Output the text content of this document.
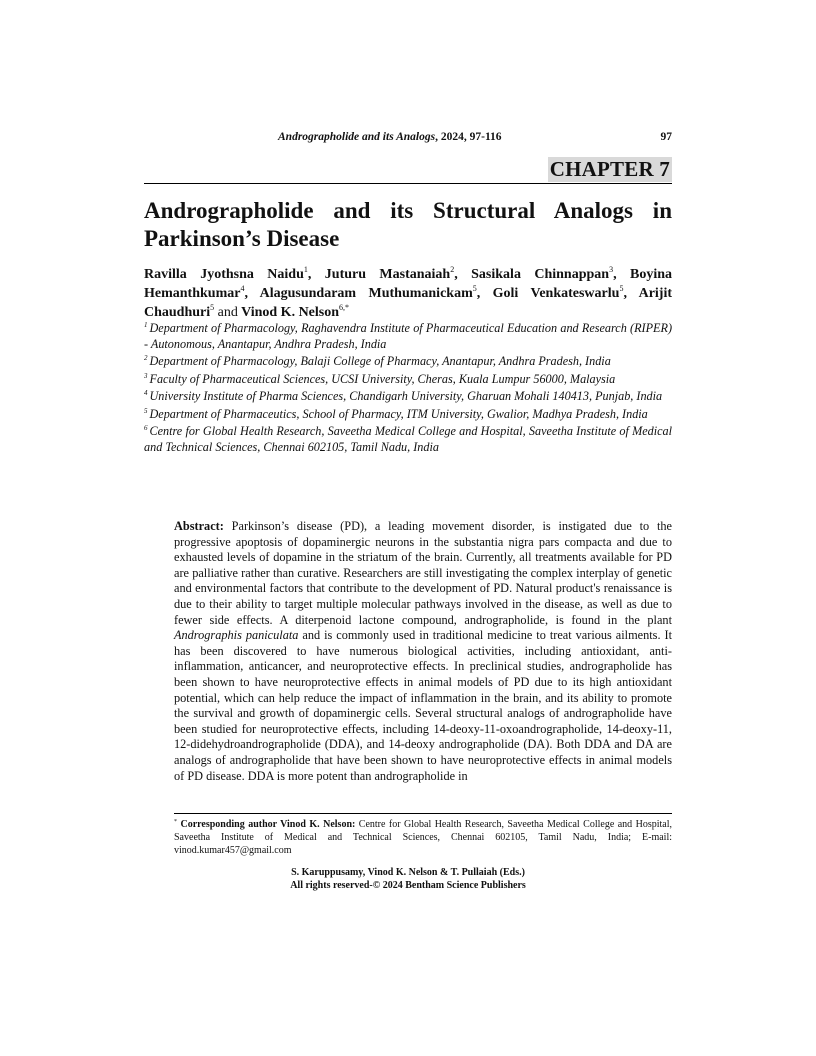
Andrographolide and its Analogs, 2024, 97-116	97
CHAPTER 7
Andrographolide and its Structural Analogs in Parkinson’s Disease

Ravilla Jyothsna Naidu$^1$, Juturu Mastanaiah$^2$, Sasikala Chinnappan$^3$, Boyina Hemanthkumar$^4$, Alagusundaram Muthumanickam$^5$, Goli Venkateswarlu$^5$, Arijit Chaudhuri$^5$ and Vinod K. Nelson$^{6,*}$

$^1$ Department of Pharmacology, Raghavendra Institute of Pharmaceutical Education and Research (RIPER) - Autonomous, Anantapur, Andhra Pradesh, India

$^2$ Department of Pharmacology, Balaji College of Pharmacy, Anantapur, Andhra Pradesh, India

$^3$ Faculty of Pharmaceutical Sciences, UCSI University, Cheras, Kuala Lumpur 56000, Malaysia

$^4$ University Institute of Pharma Sciences, Chandigarh University, Gharuan Mohali 140413, Punjab, India

$^5$ Department of Pharmaceutics, School of Pharmacy, ITM University, Gwalior, Madhya Pradesh, India

$^6$ Centre for Global Health Research, Saveetha Medical College and Hospital, Saveetha Institute of Medical and Technical Sciences, Chennai 602105, Tamil Nadu, India

Abstract: Parkinson’s disease (PD), a leading movement disorder, is instigated due to the progressive apoptosis of dopaminergic neurons in the substantia nigra pars compacta and due to exhausted levels of dopamine in the striatum of the brain. Currently, all treatments available for PD are palliative rather than curative. Researchers are still investigating the complex interplay of genetic and environmental factors that contribute to the development of PD. Natural product's renaissance is due to their ability to target multiple molecular pathways involved in the disease, as well as due to fewer side effects. A diterpenoid lactone compound, andrographolide, is found in the plant Andrographis paniculata and is commonly used in traditional medicine to treat various ailments. It has been discovered to have numerous biological activities, including antioxidant, anti-inflammation, anticancer, and neuroprotective effects. In preclinical studies, andrographolide has been shown to have neuroprotective effects in animal models of PD due to its high antioxidant potential, which can help reduce the impact of inflammation in the brain, and its ability to promote the survival and growth of dopaminergic cells. Several structural analogs of andrographolide have been studied for neuroprotective effects, including 14-deoxy-11-oxoandrographolide, 14-deoxy-11, 12-didehydroandrographolide (DDA), and 14-deoxy andrographolide (DA). Both DDA and DA are analogs of andrographolide that have been shown to have neuroprotective effects in animal models of PD disease. DDA is more potent than andrographolide in

* Corresponding author Vinod K. Nelson: Centre for Global Health Research, Saveetha Medical College and Hospital, Saveetha Institute of Medical and Technical Sciences, Chennai 602105, Tamil Nadu, India; E-mail: vinod.kumar457@gmail.com

S. Karuppusamy, Vinod K. Nelson & T. Pullaiah (Eds.)
All rights reserved-© 2024 Bentham Science Publishers
